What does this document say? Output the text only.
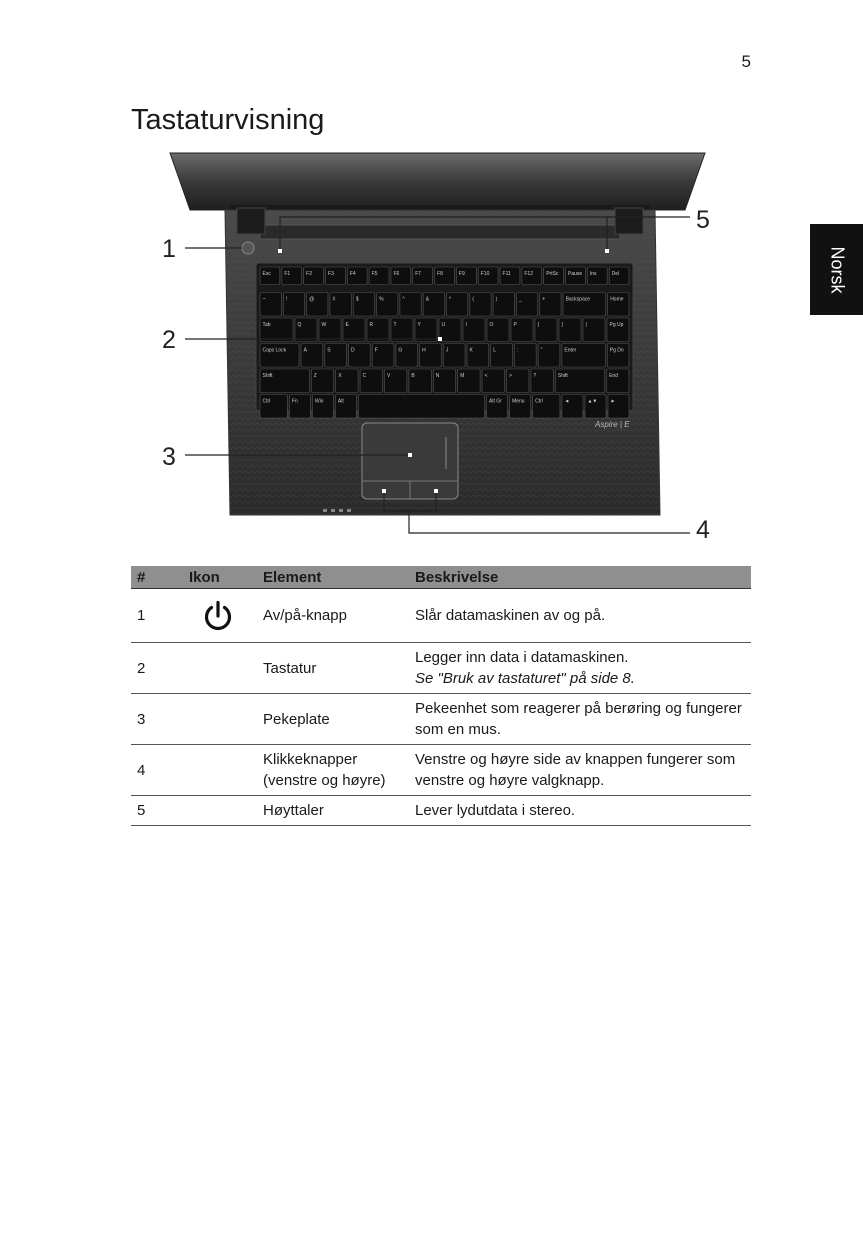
5
Tastaturvisning
Norsk
Esc	F1	F2	F3	F4	F5	F6	F7	F8	F9	F10	F11	F12	PrtSc Pause Ins	Del
~	!	@	#	$	%	^	&	*	(	)	_	+	Backspace	Home
Tab	Q	W	E	R	T	Y	U	I	O	P	{	}	|	Pg Up
Caps Lock	A	S	D	F	G	H	J	K	L	:	"	Enter	Pg Dn
Shift	Z	X	C	V	B	N	M	<	>	?	Shift	End
Ctrl	Fn	Win	Alt	Alt Gr Menu Ctrl	◄	▲▼	►
Aspire | E
5
1
2
3
4
#	Ikon	Element	Beskrivelse
1		Av/på-knapp	Slår datamaskinen av og på.
2		Tastatur	Legger inn data i datamaskinen.
Se "Bruk av tastaturet" på side 8.

3		Pekeplate	Pekeenhet som reagerer på berøring og fungerer som en mus.
4		Klikkeknapper (venstre og høyre)	Venstre og høyre side av knappen fungerer som venstre og høyre valgknapp.
5		Høyttaler	Lever lydutdata i stereo.
